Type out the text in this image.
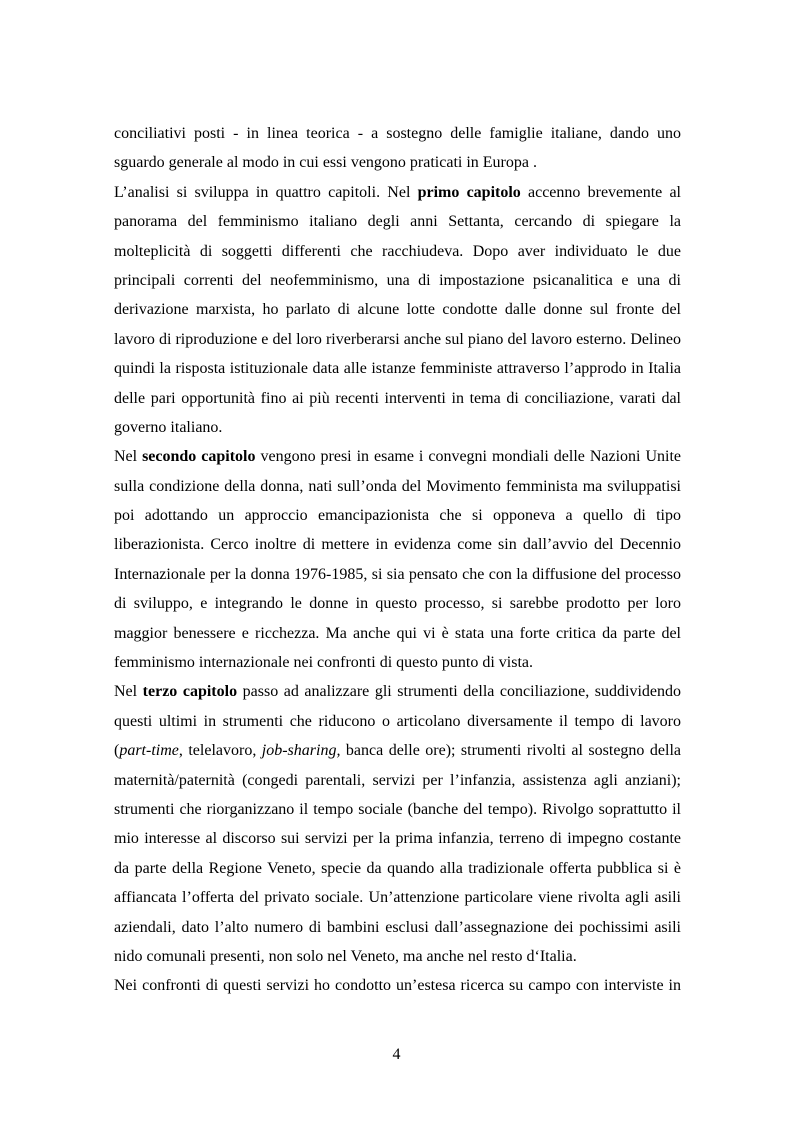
conciliativi posti - in linea teorica - a sostegno delle famiglie italiane, dando uno
sguardo generale al modo in cui essi vengono praticati in Europa .
L’analisi si sviluppa in quattro capitoli. Nel primo capitolo accenno brevemente al
panorama del femminismo italiano degli anni Settanta, cercando di spiegare la
molteplicità di soggetti differenti che racchiudeva. Dopo aver individuato le due
principali correnti del neofemminismo, una di impostazione psicanalitica e una di
derivazione marxista, ho parlato di alcune lotte condotte dalle donne sul fronte del
lavoro di riproduzione e del loro riverberarsi anche sul piano del lavoro esterno. Delineo
quindi la risposta istituzionale data alle istanze femministe attraverso l’approdo in Italia
delle pari opportunità fino ai più recenti interventi in tema di conciliazione, varati dal
governo italiano.
Nel secondo capitolo vengono presi in esame i convegni mondiali delle Nazioni Unite
sulla condizione della donna, nati sull’onda del Movimento femminista ma sviluppatisi
poi adottando un approccio emancipazionista che si opponeva a quello di tipo
liberazionista. Cerco inoltre di mettere in evidenza come sin dall’avvio del Decennio
Internazionale per la donna 1976-1985, si sia pensato che con la diffusione del processo
di sviluppo, e integrando le donne in questo processo, si sarebbe prodotto per loro
maggior benessere e ricchezza. Ma anche qui vi è stata una forte critica da parte del
femminismo internazionale nei confronti di questo punto di vista.
Nel terzo capitolo passo ad analizzare gli strumenti della conciliazione, suddividendo
questi ultimi in strumenti che riducono o articolano diversamente il tempo di lavoro
(part-time, telelavoro, job-sharing, banca delle ore); strumenti rivolti al sostegno della
maternità/paternità (congedi parentali, servizi per l’infanzia, assistenza agli anziani);
strumenti che riorganizzano il tempo sociale (banche del tempo). Rivolgo soprattutto il
mio interesse al discorso sui servizi per la prima infanzia, terreno di impegno costante
da parte della Regione Veneto, specie da quando alla tradizionale offerta pubblica si è
affiancata l’offerta del privato sociale. Un’attenzione particolare viene rivolta agli asili
aziendali, dato l’alto numero di bambini esclusi dall’assegnazione dei pochissimi asili
nido comunali presenti, non solo nel Veneto, ma anche nel resto d‘Italia.
Nei confronti di questi servizi ho condotto un’estesa ricerca su campo con interviste in
4
